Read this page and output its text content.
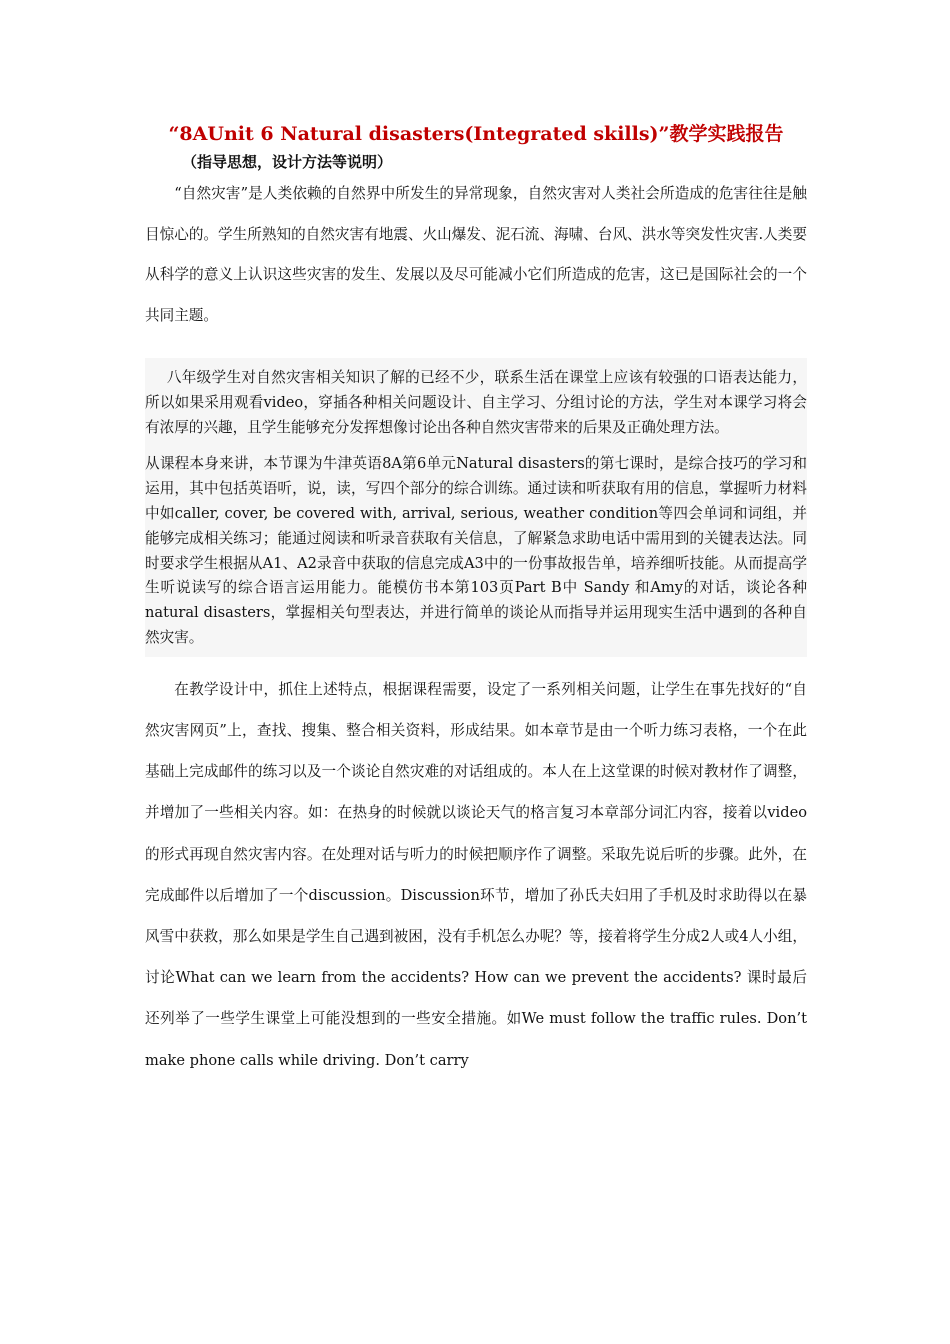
“8AUnit 6 Natural disasters(Integrated skills)”教学实践报告
（指导思想，设计方法等说明）

“自然灾害”是人类依赖的自然界中所发生的异常现象，自然灾害对人类社会所造成的危害往往是触目惊心的。学生所熟知的自然灾害有地震、火山爆发、泥石流、海啸、台风、洪水等突发性灾害.人类要从科学的意义上认识这些灾害的发生、发展以及尽可能减小它们所造成的危害，这已是国际社会的一个共同主题。

八年级学生对自然灾害相关知识了解的已经不少，联系生活在课堂上应该有较强的口语表达能力，所以如果采用观看video，穿插各种相关问题设计、自主学习、分组讨论的方法，学生对本课学习将会有浓厚的兴趣，且学生能够充分发挥想像讨论出各种自然灾害带来的后果及正确处理方法。

从课程本身来讲，本节课为牛津英语8A第6单元Natural disasters的第七课时，是综合技巧的学习和运用，其中包括英语听，说，读，写四个部分的综合训练。通过读和听获取有用的信息，掌握听力材料中如caller, cover, be covered with, arrival, serious, weather condition等四会单词和词组，并能够完成相关练习；能通过阅读和听录音获取有关信息，了解紧急求助电话中需用到的关键表达法。同时要求学生根据从A1、A2录音中获取的信息完成A3中的一份事故报告单，培养细听技能。从而提高学生听说读写的综合语言运用能力。能模仿书本第103页Part B中 Sandy 和Amy的对话，谈论各种natural disasters，掌握相关句型表达，并进行简单的谈论从而指导并运用现实生活中遇到的各种自然灾害。

在教学设计中，抓住上述特点，根据课程需要，设定了一系列相关问题，让学生在事先找好的“自然灾害网页”上，查找、搜集、整合相关资料，形成结果。如本章节是由一个听力练习表格，一个在此基础上完成邮件的练习以及一个谈论自然灾难的对话组成的。本人在上这堂课的时候对教材作了调整，并增加了一些相关内容。如：在热身的时候就以谈论天气的格言复习本章部分词汇内容，接着以video的形式再现自然灾害内容。在处理对话与听力的时候把顺序作了调整。采取先说后听的步骤。此外，在完成邮件以后增加了一个discussion。Discussion环节，增加了孙氏夫妇用了手机及时求助得以在暴风雪中获救，那么如果是学生自己遇到被困，没有手机怎么办呢？等，接着将学生分成2人或4人小组，讨论What can we learn from the accidents? How can we prevent the accidents? 课时最后还列举了一些学生课堂上可能没想到的一些安全措施。如We must follow the traffic rules. Don’t make phone calls while driving. Don’t carry
